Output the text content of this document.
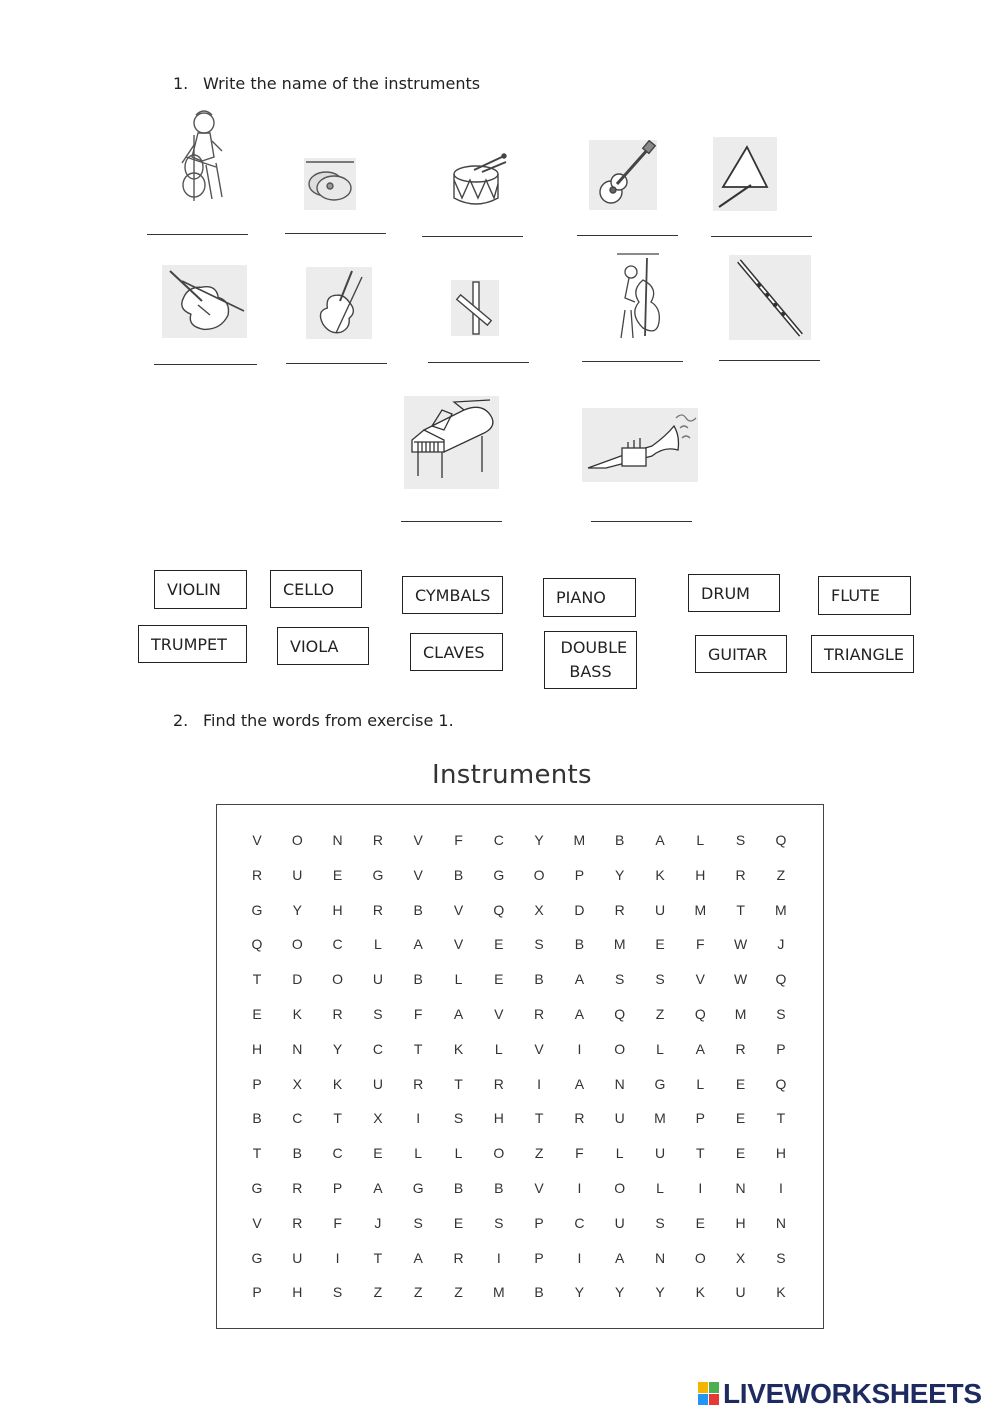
1. Write the name of the instruments
VIOLIN	CELLO	CYMBALS	PIANO	DRUM	FLUTE
TRUMPET	VIOLA	CLAVES	DOUBLE BASS
GUITAR	TRIANGLE
2. Find the words from exercise 1.
Instruments
V	O	N	R	V	F	C	Y	M	B	A	L	S	Q
R	U	E	G	V	B	G	O	P	Y	K	H	R	Z
G	Y	H	R	B	V	Q	X	D	R	U	M	T	M
Q	O	C	L	A	V	E	S	B	M	E	F	W	J
T	D	O	U	B	L	E	B	A	S	S	V	W	Q
E	K	R	S	F	A	V	R	A	Q	Z	Q	M	S
H	N	Y	C	T	K	L	V	I	O	L	A	R	P
P	X	K	U	R	T	R	I	A	N	G	L	E	Q
B	C	T	X	I	S	H	T	R	U	M	P	E	T
T	B	C	E	L	L	O	Z	F	L	U	T	E	H
G	R	P	A	G	B	B	V	I	O	L	I	N	I
V	R	F	J	S	E	S	P	C	U	S	E	H	N
G	U	I	T	A	R	I	P	I	A	N	O	X	S
P	H	S	Z	Z	Z	M	B	Y	Y	Y	K	U	K
LIVEWORKSHEETS
